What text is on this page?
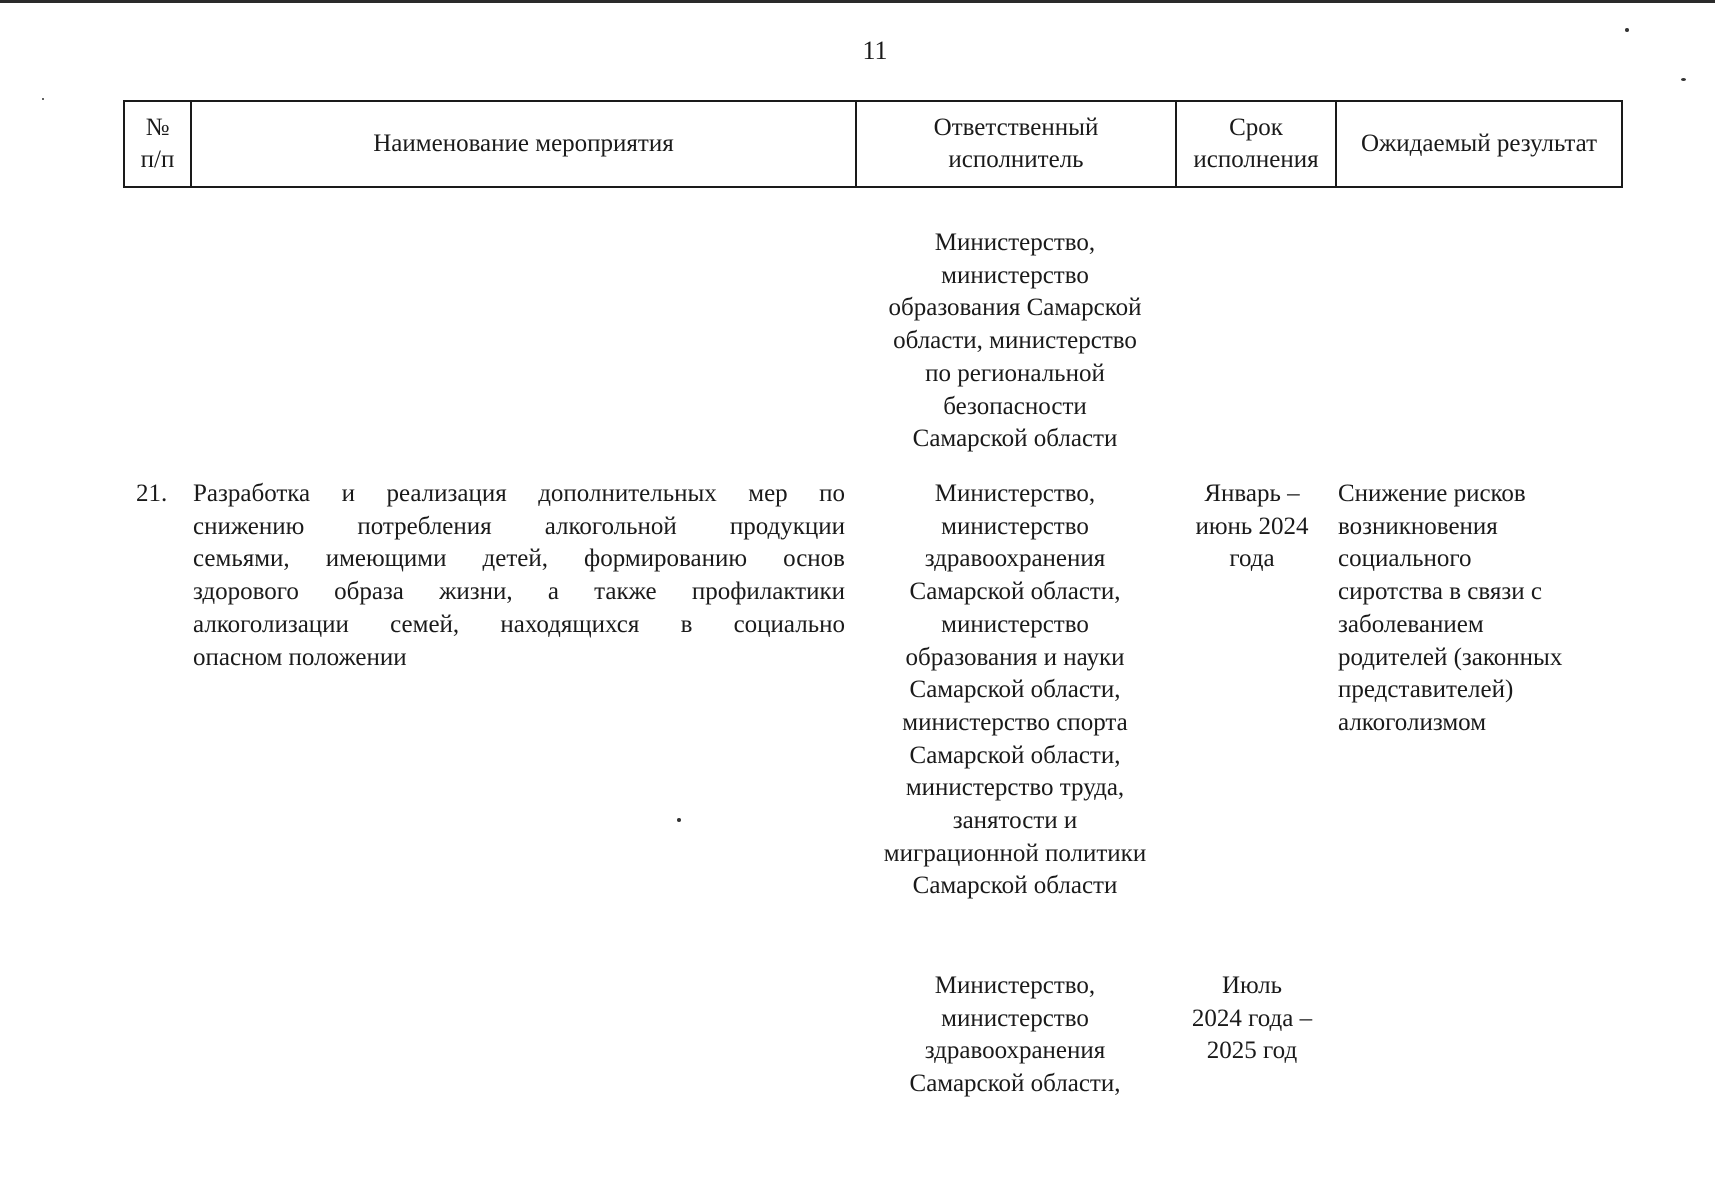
11
№
п/п
Наименование мероприятия
Ответственный
исполнитель
Срок
исполнения
Ожидаемый результат
Министерство,
министерство
образования Самарской
области, министерство
по региональной
безопасности
Самарской области
21. Разработка и реализация дополнительных мер по
снижению потребления алкогольной продукции
семьями, имеющими детей, формированию основ
здорового образа жизни, а также профилактики
алкоголизации семей, находящихся в социально
опасном положении
Министерство,
министерство
здравоохранения
Самарской области,
министерство
образования и науки
Самарской области,
министерство спорта
Самарской области,
министерство труда,
занятости и
миграционной политики
Самарской области
Январь –
июнь 2024
года
Снижение рисков
возникновения
социального
сиротства в связи с
заболеванием
родителей (законных
представителей)
алкоголизмом
Министерство,
министерство
здравоохранения
Самарской области,
Июль
2024 года –
2025 год
